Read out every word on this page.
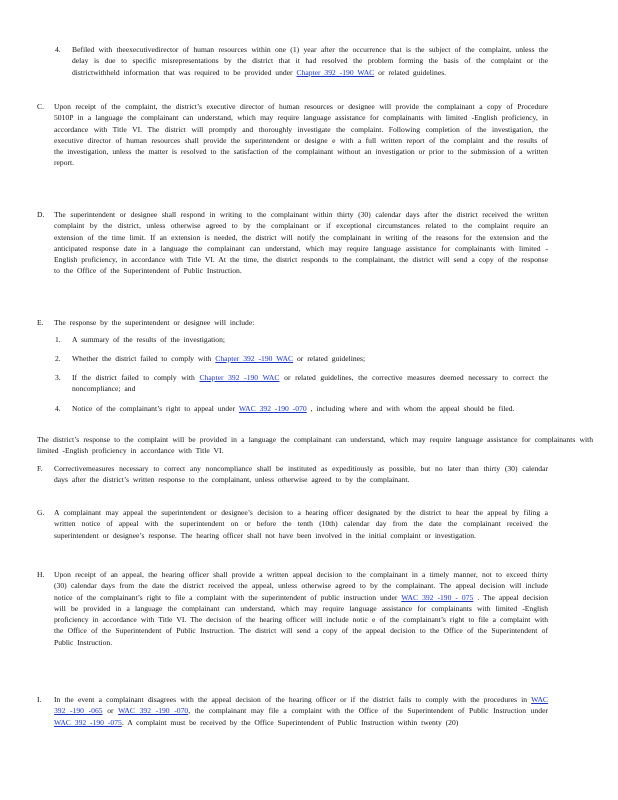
4.	Befiled with theexecutivedirector of human resources within one (1) year after the occurrence that is the subject of the complaint, unless the delay is due to specific misrepresentations by the district that it had resolved the problem forming the basis of the complaint or the districtwithheld information that was required to be provided under Chapter 392 -190 WAC or related guidelines.

C.	Upon receipt of the complaint, the district’s executive director of human resources or designee will provide the complainant a copy of Procedure 5010P in a language the complainant can understand, which may require language assistance for complainants with limited -English proficiency, in accordance with Title VI. The district will promptly and thoroughly investigate the complaint. Following completion of the investigation, the executive director of human resources shall provide the superintendent or designe e with a full written report of the complaint and the results of the investigation, unless the matter is resolved to the satisfaction of the complainant without an investigation or prior to the submission of a written report.

D.	The superintendent or designee shall respond in writing to the complainant within thirty (30) calendar days after the district received the written complaint by the district, unless otherwise agreed to by the complainant or if exceptional circumstances related to the complaint require an extension of the time limit. If an extension is needed, the district will notify the complainant in writing of the reasons for the extension and the anticipated response date in a language the complainant can understand, which may require language assistance for complainants with limited -English proficiency, in accordance with Title VI. At the time, the district responds to the complainant, the district will send a copy of the response to the Office of the Superintendent of Public Instruction.

E.	The response by the superintendent or designee will include:

1.	A summary of the results of the investigation;

2.	Whether the district failed to comply with Chapter 392 -190 WAC or related guidelines;

3.	If the district failed to comply with Chapter 392 -190 WAC or related guidelines, the corrective measures deemed necessary to correct the noncompliance; and

4.	Notice of the complainant’s right to appeal under WAC 392 -190 -070 , including where and with whom the appeal should be filed.

The district’s response to the complaint will be provided in a language the complainant can understand, which may require language assistance for complainants with limited -English proficiency in accordance with Title VI.

F.	Correctivemeasures necessary to correct any noncompliance shall be instituted as expeditiously as possible, but no later than thirty (30) calendar days after the district’s written response to the complainant, unless otherwise agreed to by the complainant.

G.	A complainant may appeal the superintendent or designee’s decision to a hearing officer designated by the district to hear the appeal by filing a written notice of appeal with the superintendent on or before the tenth (10th) calendar day from the date the complainant received the superintendent or designee’s response. The hearing officer shall not have been involved in the initial complaint or investigation.

H.	Upon receipt of an appeal, the hearing officer shall provide a written appeal decision to the complainant in a timely manner, not to exceed thirty (30) calendar days from the date the district received the appeal, unless otherwise agreed to by the complainant. The appeal decision will include notice of the complainant’s right to file a complaint with the superintendent of public instruction under WAC 392 -190 - 075 . The appeal decision will be provided in a language the complainant can understand, which may require language assistance for complainants with limited -English proficiency in accordance with Title VI. The decision of the hearing officer will include notic e of the complainant’s right to file a complaint with the Office of the Superintendent of Public Instruction. The district will send a copy of the appeal decision to the Office of the Superintendent of Public Instruction.

I.	In the event a complainant disagrees with the appeal decision of the hearing officer or if the district fails to comply with the procedures in WAC 392 -190 -065 or WAC 392 -190 -070, the complainant may file a complaint with the Office of the Superintendent of Public Instruction under WAC 392 -190 -075. A complaint must be received by the Office Superintendent of Public Instruction within twenty (20)
